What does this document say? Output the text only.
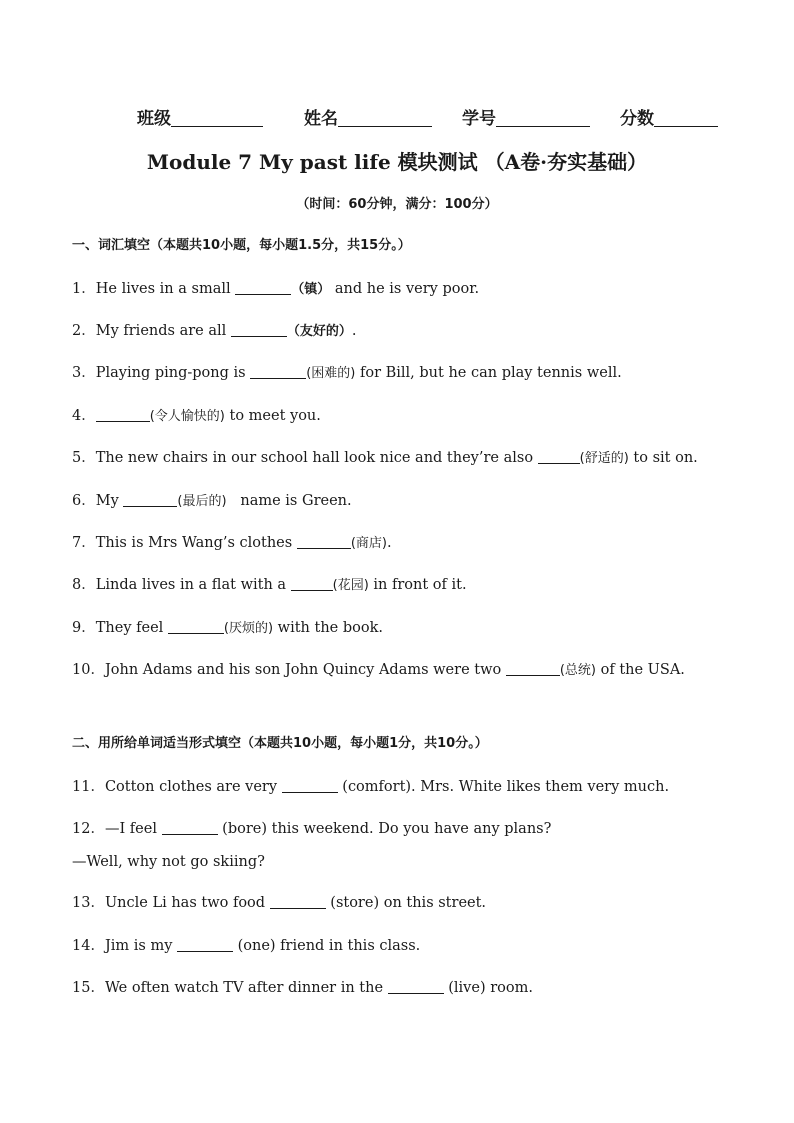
班级	姓名	学号	分数
Module 7 My past life 模块测试 （A卷·夯实基础）
（时间：60分钟，满分：100分）
一、词汇填空（本题共10小题，每小题1.5分，共15分。）
1．He lives in a small	（镇） and he is very poor.
2．My friends are all	（友好的）.
3．Playing ping-pong is	(困难的) for Bill, but he can play tennis well.
4．	(令人愉快的) to meet you.
5．The new chairs in our school hall look nice and they’re also	(舒适的) to sit on.
6．My	(最后的)   name is Green.
7．This is Mrs Wang’s clothes	(商店).
8．Linda lives in a flat with a	(花园) in front of it.
9．They feel	(厌烦的) with the book.
10．John Adams and his son John Quincy Adams were two	(总统) of the USA.
二、用所给单词适当形式填空（本题共10小题，每小题1分，共10分。）
11．Cotton clothes are very	(comfort). Mrs. White likes them very much.
12．—I feel	(bore) this weekend. Do you have any plans?
—Well, why not go skiing?
13．Uncle Li has two food	(store) on this street.
14．Jim is my	(one) friend in this class.
15．We often watch TV after dinner in the	(live) room.
